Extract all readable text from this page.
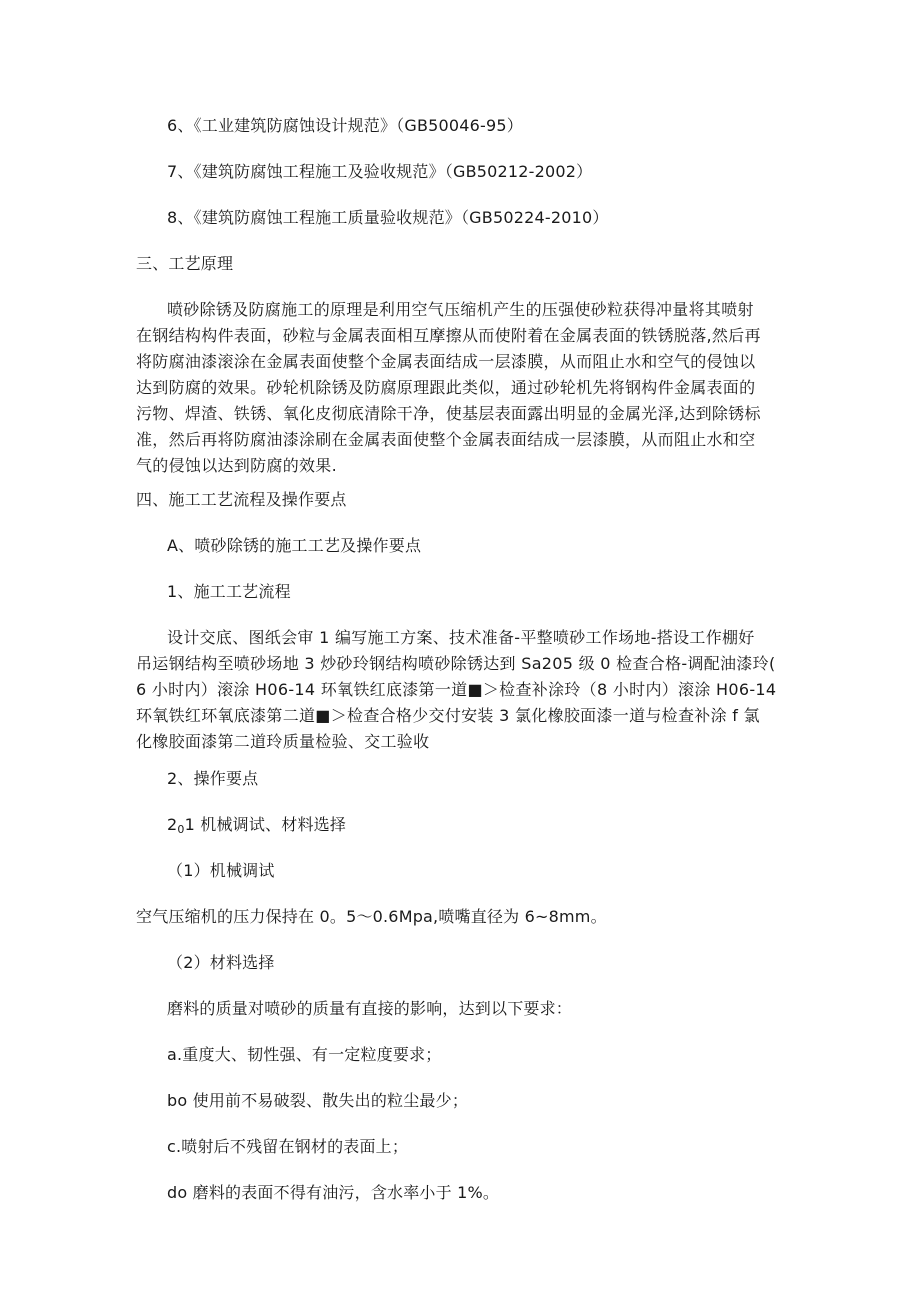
6、《工业建筑防腐蚀设计规范》（GB50046-95）
7、《建筑防腐蚀工程施工及验收规范》（GB50212-2002）
8、《建筑防腐蚀工程施工质量验收规范》（GB50224-2010）
三、工艺原理
喷砂除锈及防腐施工的原理是利用空气压缩机产生的压强使砂粒获得冲量将其喷射
在钢结构构件表面，砂粒与金属表面相互摩擦从而使附着在金属表面的铁锈脱落,然后再
将防腐油漆滚涂在金属表面使整个金属表面结成一层漆膜，从而阻止水和空气的侵蚀以
达到防腐的效果。砂轮机除锈及防腐原理跟此类似，通过砂轮机先将钢构件金属表面的
污物、焊渣、铁锈、氧化皮彻底清除干净，使基层表面露出明显的金属光泽,达到除锈标
准，然后再将防腐油漆涂刷在金属表面使整个金属表面结成一层漆膜，从而阻止水和空
气的侵蚀以达到防腐的效果.
四、施工工艺流程及操作要点
A、喷砂除锈的施工工艺及操作要点
1、施工工艺流程
设计交底、图纸会审 1 编写施工方案、技术准备-平整喷砂工作场地-搭设工作棚好
吊运钢结构至喷砂场地 3 炒砂玲钢结构喷砂除锈达到 Sa205 级 0 检查合格-调配油漆玲(
6 小时内）滚涂 H06-14 环氧铁红底漆第一道■＞检查补涂玲（8 小时内）滚涂 H06-14
环氧铁红环氧底漆第二道■＞检查合格少交付安装 3 氯化橡胶面漆一道与检查补涂 f 氯
化橡胶面漆第二道玲质量检验、交工验收
2、操作要点
$2_01$ 机械调试、材料选择
（1）机械调试
空气压缩机的压力保持在 0。5～0.6Mpa,喷嘴直径为 6~8mm。
（2）材料选择
磨料的质量对喷砂的质量有直接的影响，达到以下要求：
a.重度大、韧性强、有一定粒度要求；
bo 使用前不易破裂、散失出的粒尘最少；
c.喷射后不残留在钢材的表面上；
do 磨料的表面不得有油污，含水率小于 1%。
